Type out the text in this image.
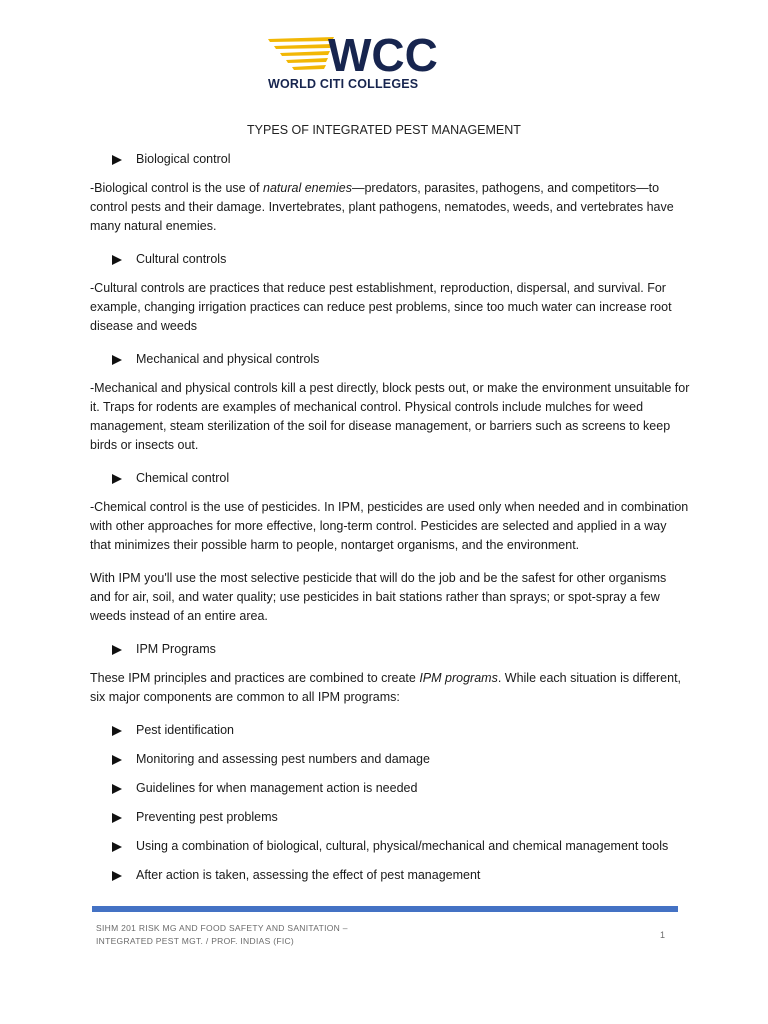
WCC
WORLD CITI COLLEGES
TYPES OF INTEGRATED PEST MANAGEMENT
Biological control

-Biological control is the use of natural enemies—predators, parasites, pathogens, and competitors—to control pests and their damage. Invertebrates, plant pathogens, nematodes, weeds, and vertebrates have many natural enemies.

Cultural controls

-Cultural controls are practices that reduce pest establishment, reproduction, dispersal, and survival. For example, changing irrigation practices can reduce pest problems, since too much water can increase root disease and weeds

Mechanical and physical controls

-Mechanical and physical controls kill a pest directly, block pests out, or make the environment unsuitable for it. Traps for rodents are examples of mechanical control. Physical controls include mulches for weed management, steam sterilization of the soil for disease management, or barriers such as screens to keep birds or insects out.

Chemical control

-Chemical control is the use of pesticides. In IPM, pesticides are used only when needed and in combination with other approaches for more effective, long-term control. Pesticides are selected and applied in a way that minimizes their possible harm to people, nontarget organisms, and the environment.

With IPM you'll use the most selective pesticide that will do the job and be the safest for other organisms and for air, soil, and water quality; use pesticides in bait stations rather than sprays; or spot-spray a few weeds instead of an entire area.

IPM Programs

These IPM principles and practices are combined to create IPM programs. While each situation is different, six major components are common to all IPM programs:

Pest identification
Monitoring and assessing pest numbers and damage
Guidelines for when management action is needed
Preventing pest problems
Using a combination of biological, cultural, physical/mechanical and chemical management tools
After action is taken, assessing the effect of pest management
SIHM 201 RISK MG AND FOOD SAFETY AND SANITATION –
INTEGRATED PEST MGT. / PROF. INDIAS (FIC)
1
